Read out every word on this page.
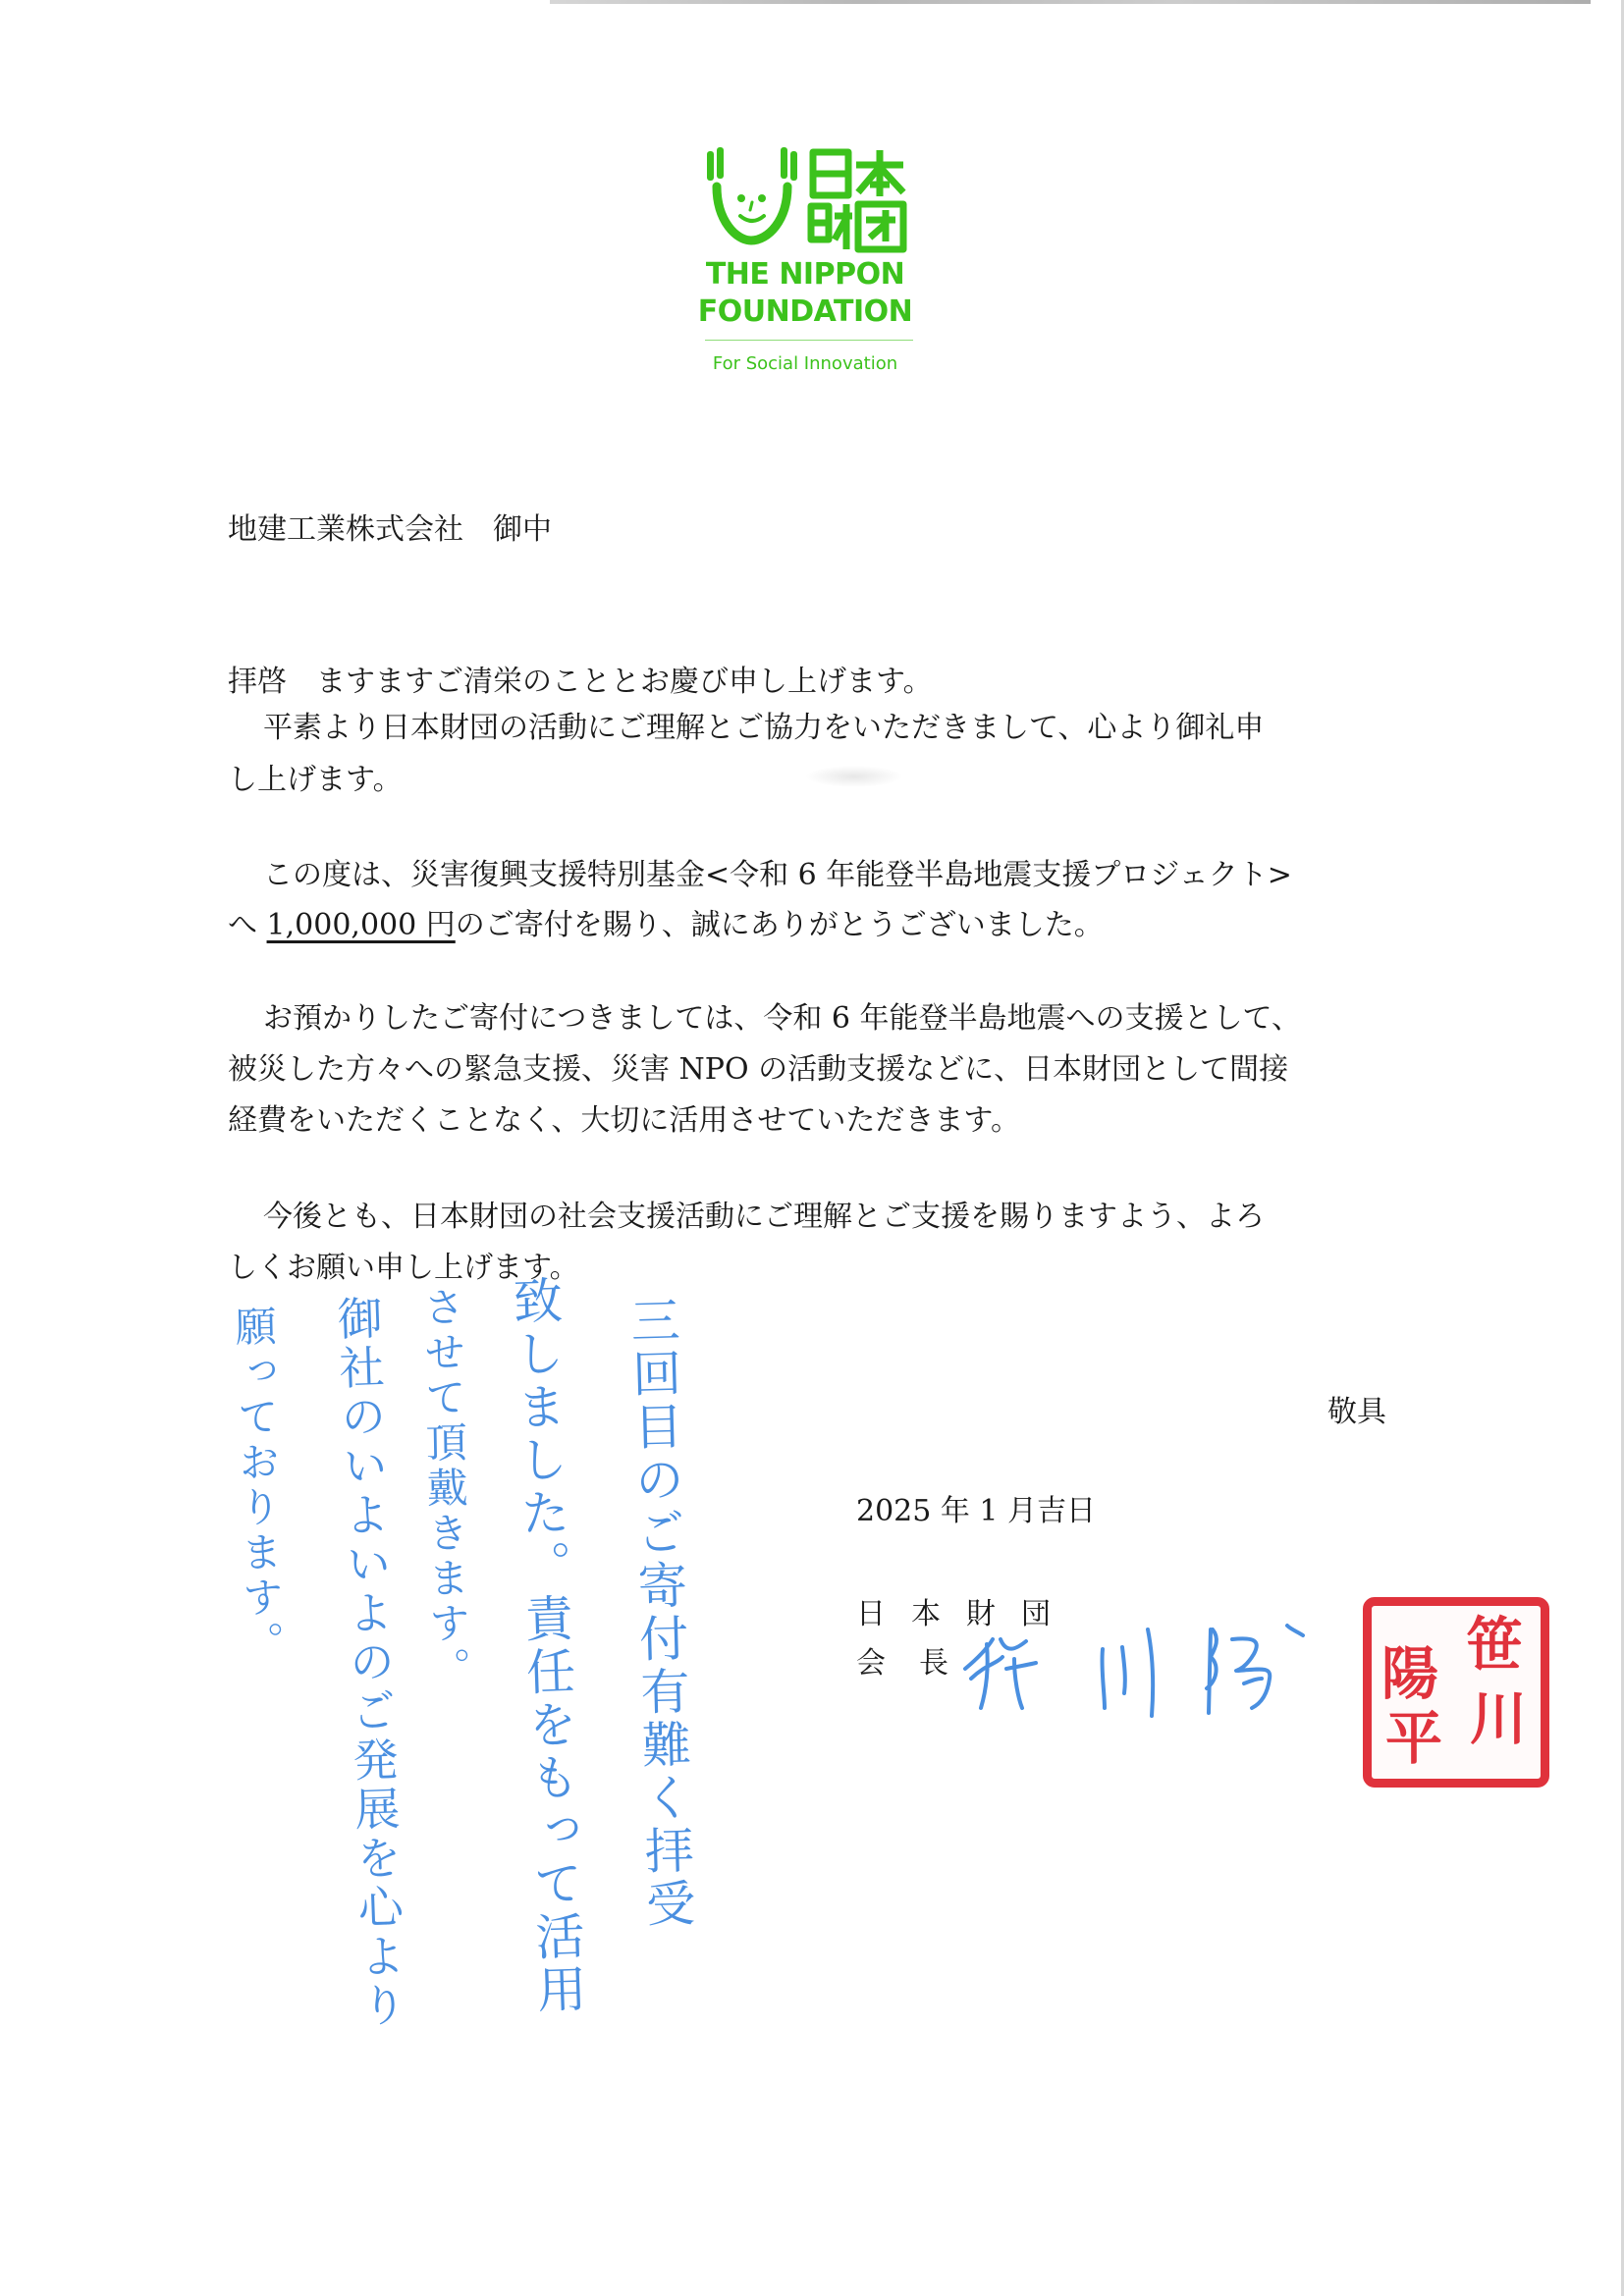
THE NIPPON
FOUNDATION
For Social Innovation
地建工業株式会社　御中
拝啓　ますますご清栄のこととお慶び申し上げます。
平素より日本財団の活動にご理解とご協力をいただきまして、心より御礼申
し上げます。
この度は、災害復興支援特別基金<令和 6 年能登半島地震支援プロジェクト>
へ 1,000,000 円のご寄付を賜り、誠にありがとうございました。
お預かりしたご寄付につきましては、令和 6 年能登半島地震への支援として、
被災した方々への緊急支援、災害 NPO の活動支援などに、日本財団として間接
経費をいただくことなく、大切に活用させていただきます。
今後とも、日本財団の社会支援活動にご理解とご支援を賜りますよう、よろ
しくお願い申し上げます。
敬具
2025 年 1 月吉日
日本財団
会長
三回目のご寄付有難く拝受
致しました。責任をもって活用
させて頂戴きます。
御社のいよいよのご発展を心より
願っております。	笹
川
陽
平
